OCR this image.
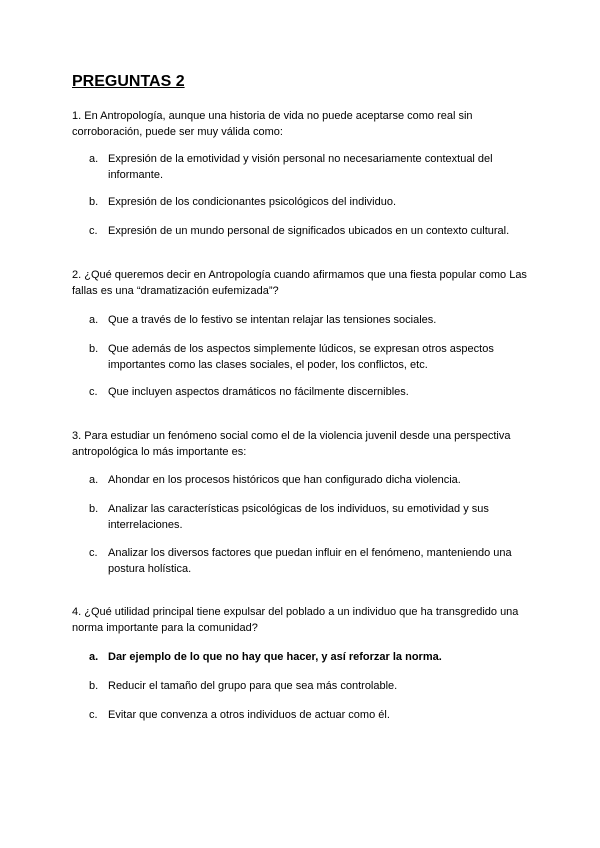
PREGUNTAS 2

1. En Antropología, aunque una historia de vida no puede aceptarse como real sin corroboración, puede ser muy válida como:

a. Expresión de la emotividad y visión personal no necesariamente contextual del informante.
b. Expresión de los condicionantes psicológicos del individuo.
c. Expresión de un mundo personal de significados ubicados en un contexto cultural.

2. ¿Qué queremos decir en Antropología cuando afirmamos que una fiesta popular como Las fallas es una “dramatización eufemizada”?

a. Que a través de lo festivo se intentan relajar las tensiones sociales.
b. Que además de los aspectos simplemente lúdicos, se expresan otros aspectos importantes como las clases sociales, el poder, los conflictos, etc.
c. Que incluyen aspectos dramáticos no fácilmente discernibles.

3. Para estudiar un fenómeno social como el de la violencia juvenil desde una perspectiva antropológica lo más importante es:

a. Ahondar en los procesos históricos que han configurado dicha violencia.
b. Analizar las características psicológicas de los individuos, su emotividad y sus interrelaciones.
c. Analizar los diversos factores que puedan influir en el fenómeno, manteniendo una postura holística.

4. ¿Qué utilidad principal tiene expulsar del poblado a un individuo que ha transgredido una norma importante para la comunidad?

a. Dar ejemplo de lo que no hay que hacer, y así reforzar la norma.
b. Reducir el tamaño del grupo para que sea más controlable.
c. Evitar que convenza a otros individuos de actuar como él.
